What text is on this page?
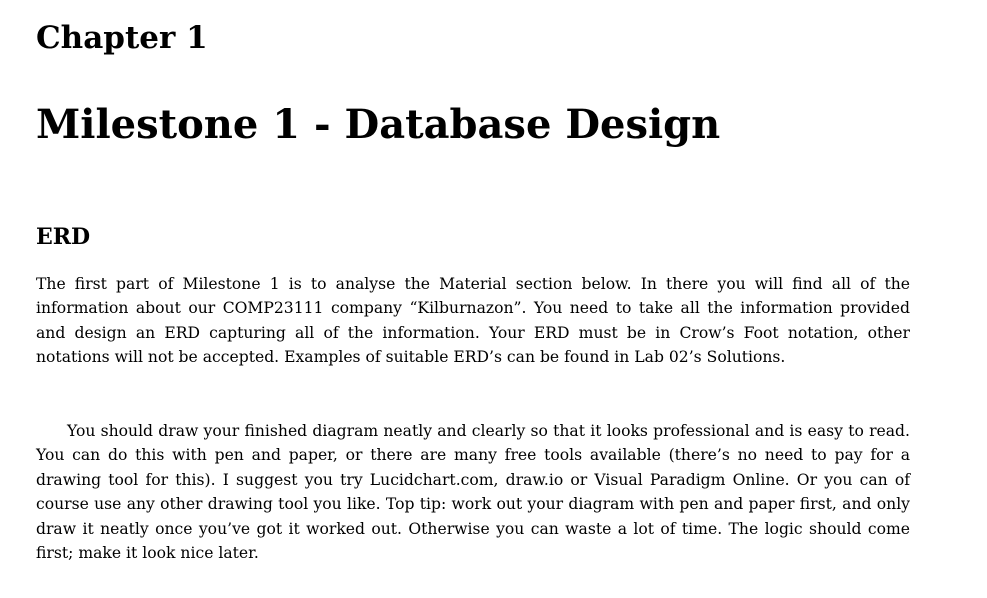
Chapter 1
Milestone 1 - Database Design
ERD

The first part of Milestone 1 is to analyse the Material section below. In there you will find all of the information about our COMP23111 company “Kilburnazon”. You need to take all the information provided and design an ERD capturing all of the information. Your ERD must be in Crow’s Foot notation, other notations will not be accepted. Examples of suitable ERD’s can be found in Lab 02’s Solutions.

You should draw your finished diagram neatly and clearly so that it looks professional and is easy to read. You can do this with pen and paper, or there are many free tools available (there’s no need to pay for a drawing tool for this). I suggest you try Lucidchart.com, draw.io or Visual Paradigm Online. Or you can of course use any other drawing tool you like. Top tip: work out your diagram with pen and paper first, and only draw it neatly once you’ve got it worked out. Otherwise you can waste a lot of time. The logic should come first; make it look nice later.
